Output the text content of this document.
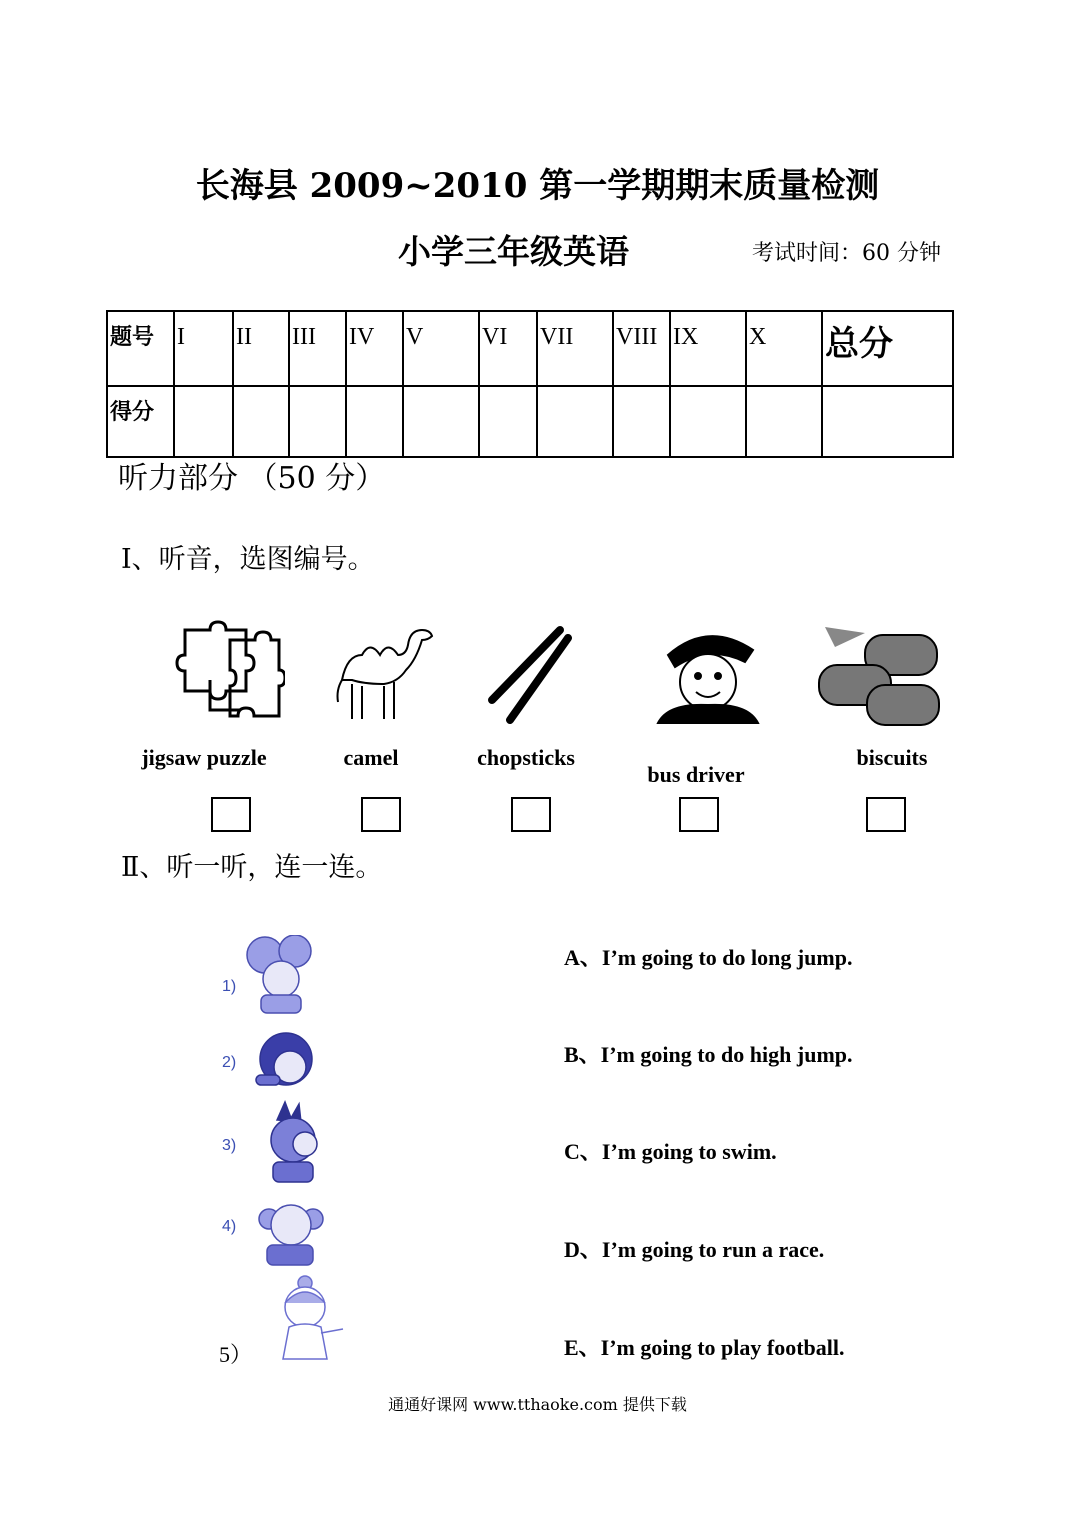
长海县 2009~2010 第一学期期末质量检测
小学三年级英语	考试时间：60 分钟
题号	I	II	III	IV	V	VI	VII	VIII	IX	X	总分
得分											
听力部分 （50 分）
Ⅰ、听音，选图编号。
jigsaw puzzle	camel	chopsticks
bus driver
biscuits
Ⅱ、听一听，连一连。
1)
2)
3)
4)
5）
A、I’m going to do long jump.
B、I’m going to do high jump.
C、I’m going to swim.
D、I’m going to run a race.
E、I’m going to play football.
通通好课网 www.tthaoke.com 提供下载
